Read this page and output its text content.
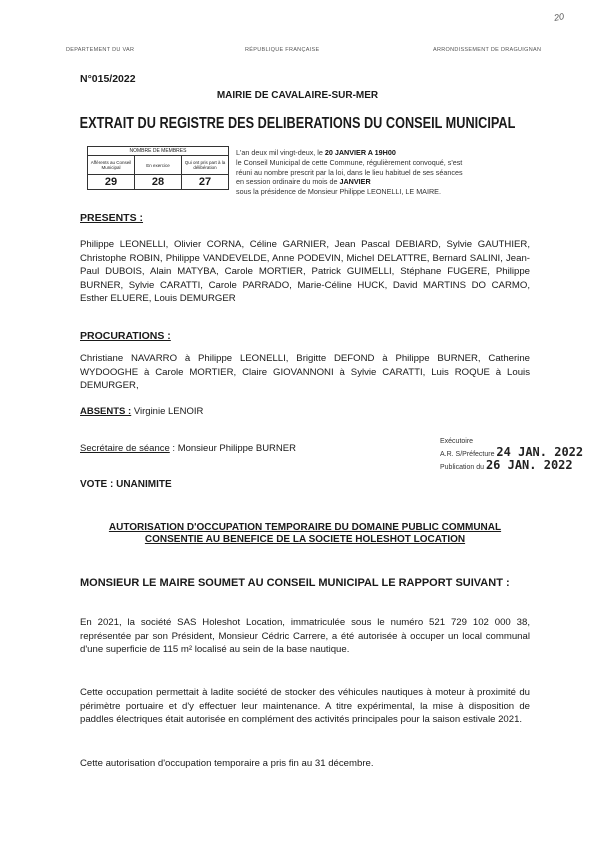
DEPARTEMENT DU VAR	RÉPUBLIQUE FRANÇAISE	ARRONDISSEMENT DE DRAGUIGNAN
20
N°015/2022
MAIRIE DE CAVALAIRE-SUR-MER
EXTRAIT DU REGISTRE DES DELIBERATIONS DU CONSEIL MUNICIPAL
NOMBRE DE MEMBRES		
Afférents au Conseil Municipal	En exercice	Qui ont pris part à la délibération
29	28	27
L'an deux mil vingt-deux, le 20 JANVIER A 19H00
le Conseil Municipal de cette Commune, régulièrement convoqué, s'est
réuni au nombre prescrit par la loi, dans le lieu habituel de ses séances
en session ordinaire du mois de JANVIER
sous la présidence de Monsieur Philippe LEONELLI, LE MAIRE.
PRESENTS :
Philippe LEONELLI, Olivier CORNA, Céline GARNIER, Jean Pascal DEBIARD, Sylvie GAUTHIER, Christophe ROBIN, Philippe VANDEVELDE, Anne PODEVIN, Michel DELATTRE, Bernard SALINI, Jean-Paul DUBOIS, Alain MATYBA, Carole MORTIER, Patrick GUIMELLI, Stéphane FUGERE, Philippe BURNER, Sylvie CARATTI, Carole PARRADO, Marie-Céline HUCK, David MARTINS DO CARMO, Esther ELUERE, Louis DEMURGER
PROCURATIONS :
Christiane NAVARRO à Philippe LEONELLI, Brigitte DEFOND à Philippe BURNER, Catherine WYDOOGHE à Carole MORTIER, Claire GIOVANNONI à Sylvie CARATTI, Luis ROQUE à Louis DEMURGER,
ABSENTS : Virginie LENOIR
Secrétaire de séance : Monsieur Philippe BURNER
Exécutoire
A.R. S/Préfecture 24 JAN. 2022
Publication du 26 JAN. 2022
VOTE : UNANIMITE
AUTORISATION D'OCCUPATION TEMPORAIRE DU DOMAINE PUBLIC COMMUNAL CONSENTIE AU BENEFICE DE LA SOCIETE HOLESHOT LOCATION
MONSIEUR LE MAIRE SOUMET AU CONSEIL MUNICIPAL LE RAPPORT SUIVANT :
En 2021, la société SAS Holeshot Location, immatriculée sous le numéro 521 729 102 000 38, représentée par son Président, Monsieur Cédric Carrere, a été autorisée à occuper un local communal d'une superficie de 115 m² localisé au sein de la base nautique.
Cette occupation permettait à ladite société de stocker des véhicules nautiques à moteur à proximité du périmètre portuaire et d'y effectuer leur maintenance. A titre expérimental, la mise à disposition de paddles électriques était autorisée en complément des activités principales pour la saison estivale 2021.
Cette autorisation d'occupation temporaire a pris fin au 31 décembre.
